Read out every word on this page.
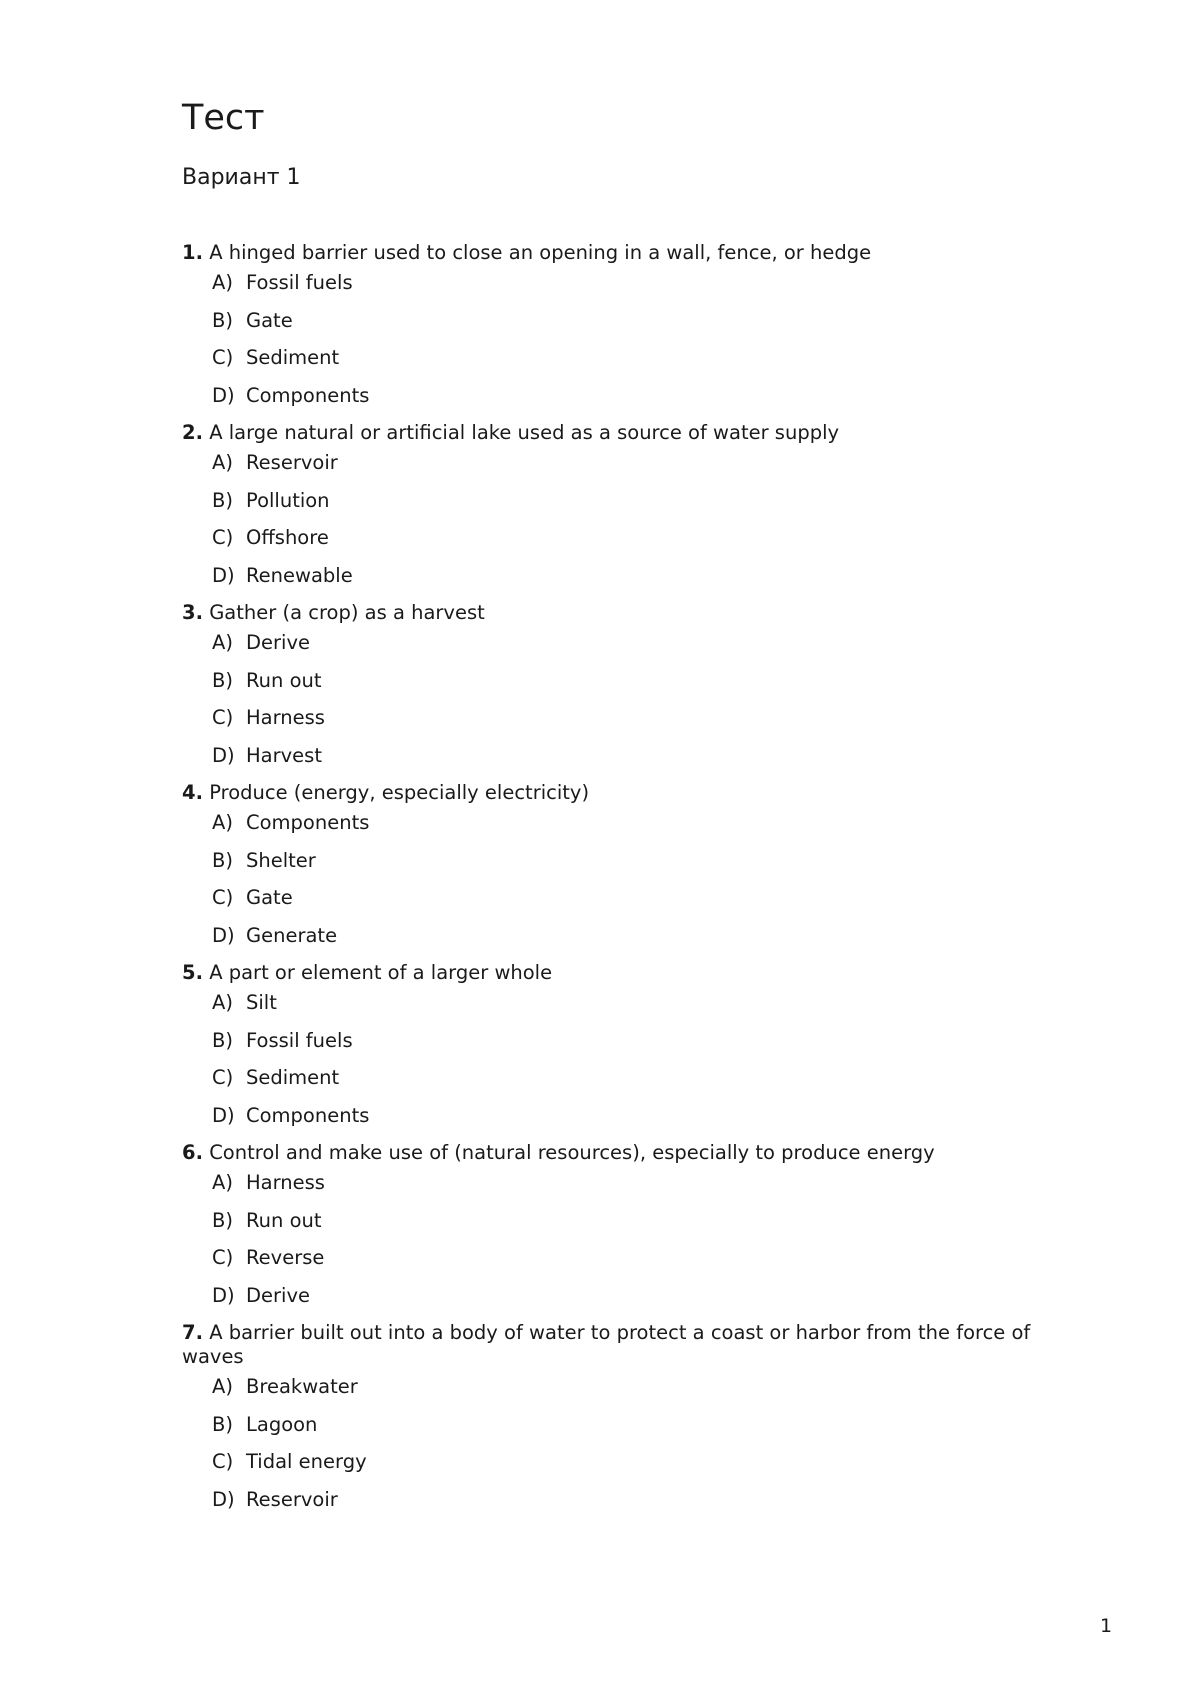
Тест
Вариант 1

1. A hinged barrier used to close an opening in a wall, fence, or hedge

A) Fossil fuels
B) Gate
C) Sediment
D) Components

2. A large natural or artificial lake used as a source of water supply

A) Reservoir
B) Pollution
C) Offshore
D) Renewable

3. Gather (a crop) as a harvest

A) Derive
B) Run out
C) Harness
D) Harvest

4. Produce (energy, especially electricity)

A) Components
B) Shelter
C) Gate
D) Generate

5. A part or element of a larger whole

A) Silt
B) Fossil fuels
C) Sediment
D) Components

6. Control and make use of (natural resources), especially to produce energy

A) Harness
B) Run out
C) Reverse
D) Derive

7. A barrier built out into a body of water to protect a coast or harbor from the force of waves

A) Breakwater
B) Lagoon
C) Tidal energy
D) Reservoir
1
